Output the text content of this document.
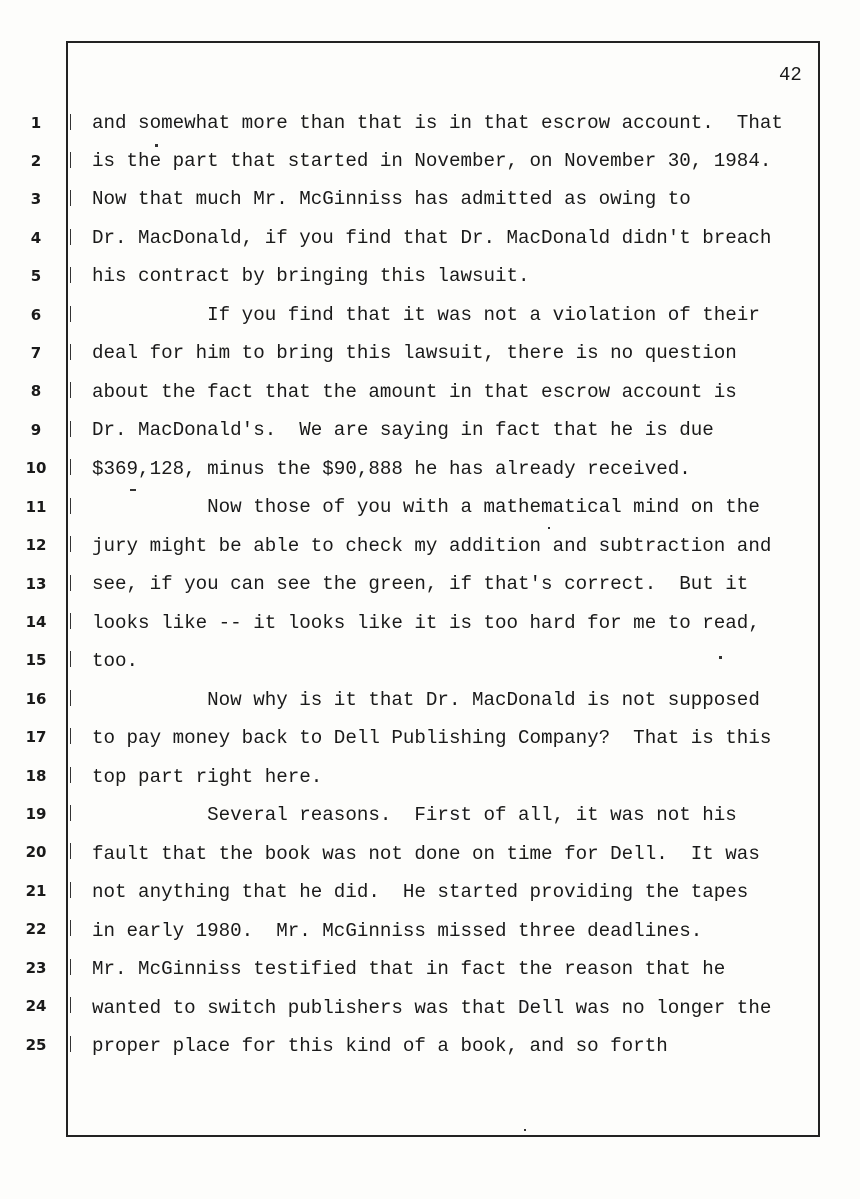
42
1
2
3
4
5
6
7
8
9
10
11
12
13
14
15
16
17
18
19
20
21
22
23
24
25
and somewhat more than that is in that escrow account.  That
is the part that started in November, on November 30, 1984.
Now that much Mr. McGinniss has admitted as owing to
Dr. MacDonald, if you find that Dr. MacDonald didn't breach
his contract by bringing this lawsuit.
If you find that it was not a violation of their
deal for him to bring this lawsuit, there is no question
about the fact that the amount in that escrow account is
Dr. MacDonald's.  We are saying in fact that he is due
$369,128, minus the $90,888 he has already received.
Now those of you with a mathematical mind on the
jury might be able to check my addition and subtraction and
see, if you can see the green, if that's correct.  But it
looks like -- it looks like it is too hard for me to read,
too.
Now why is it that Dr. MacDonald is not supposed
to pay money back to Dell Publishing Company?  That is this
top part right here.
Several reasons.  First of all, it was not his
fault that the book was not done on time for Dell.  It was
not anything that he did.  He started providing the tapes
in early 1980.  Mr. McGinniss missed three deadlines.
Mr. McGinniss testified that in fact the reason that he
wanted to switch publishers was that Dell was no longer the
proper place for this kind of a book, and so forth
